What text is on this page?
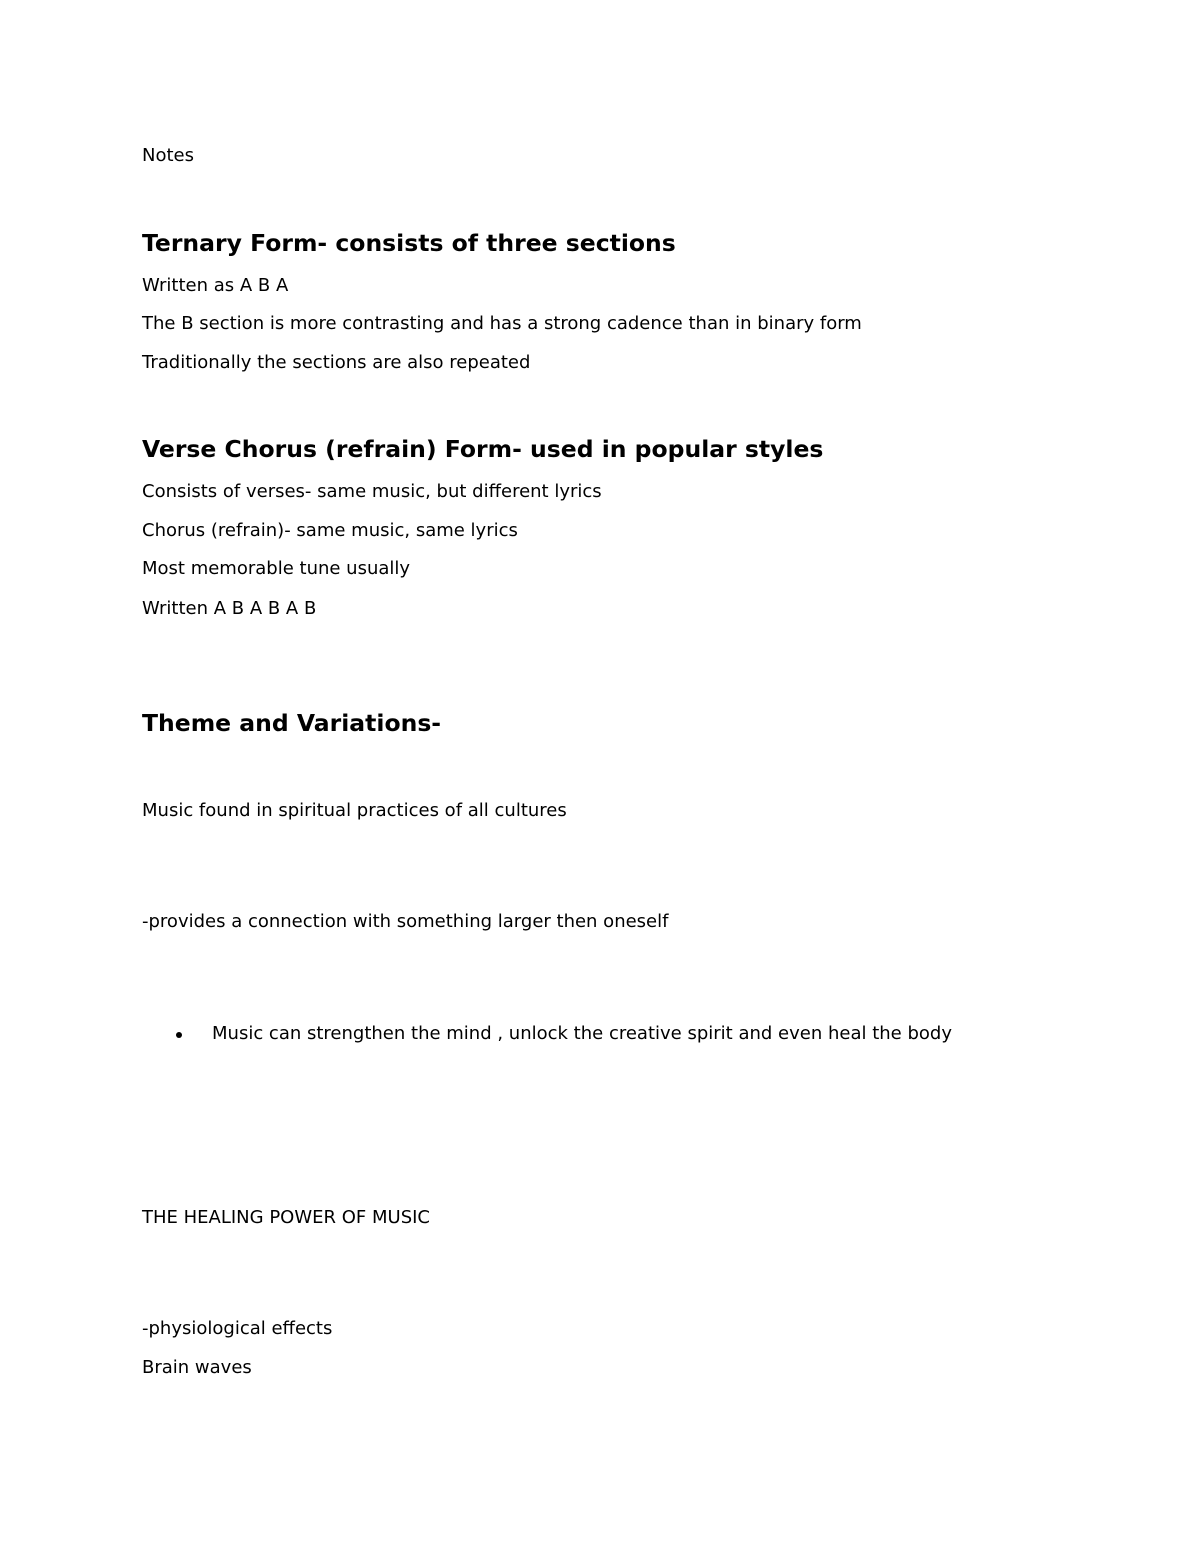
Notes
Ternary Form- consists of three sections
Written as A B A
The B section is more contrasting and has a strong cadence than in binary form
Traditionally the sections are also repeated
Verse Chorus (refrain) Form- used in popular styles
Consists of verses- same music, but different lyrics
Chorus (refrain)- same music, same lyrics
Most memorable tune usually
Written A B A B A B
Theme and Variations-
Music found in spiritual practices of all cultures
-provides a connection with something larger then oneself
Music can strengthen the mind , unlock the creative spirit and even heal the body
THE HEALING POWER OF MUSIC
-physiological effects
Brain waves
